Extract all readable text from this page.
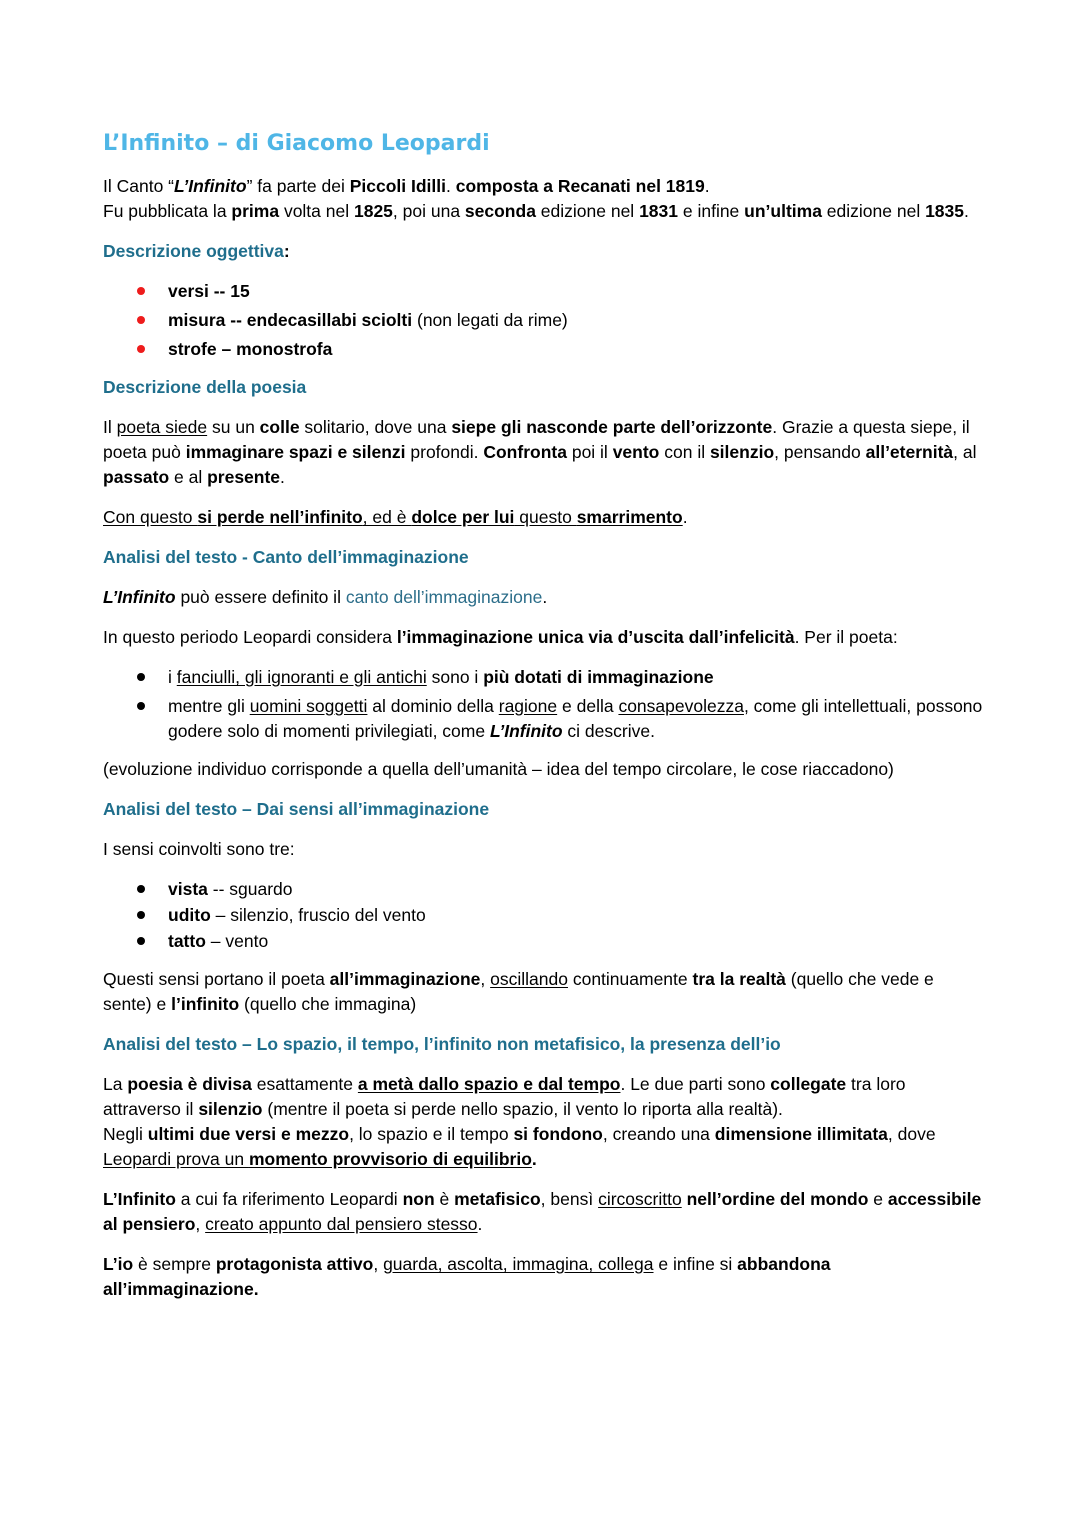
L’Infinito – di Giacomo Leopardi
Il Canto “L’Infinito” fa parte dei Piccoli Idilli. composta a Recanati nel 1819.
Fu pubblicata la prima volta nel 1825, poi una seconda edizione nel 1831 e infine un’ultima edizione nel 1835.
Descrizione oggettiva:
versi -- 15
misura -- endecasillabi sciolti (non legati da rime)
strofe – monostrofa
Descrizione della poesia
Il poeta siede su un colle solitario, dove una siepe gli nasconde parte dell’orizzonte. Grazie a questa siepe, il poeta può immaginare spazi e silenzi profondi. Confronta poi il vento con il silenzio, pensando all’eternità, al passato e al presente.
Con questo si perde nell’infinito, ed è dolce per lui questo smarrimento.
Analisi del testo - Canto dell’immaginazione
L’Infinito può essere definito il canto dell’immaginazione.
In questo periodo Leopardi considera l’immaginazione unica via d’uscita dall’infelicità. Per il poeta:
i fanciulli, gli ignoranti e gli antichi sono i più dotati di immaginazione
mentre gli uomini soggetti al dominio della ragione e della consapevolezza, come gli intellettuali, possono godere solo di momenti privilegiati, come L’Infinito ci descrive.
(evoluzione individuo corrisponde a quella dell’umanità – idea del tempo circolare, le cose riaccadono)
Analisi del testo – Dai sensi all’immaginazione
I sensi coinvolti sono tre:
vista -- sguardo
udito – silenzio, fruscio del vento
tatto – vento
Questi sensi portano il poeta all’immaginazione, oscillando continuamente tra la realtà (quello che vede e sente) e l’infinito (quello che immagina)
Analisi del testo – Lo spazio, il tempo, l’infinito non metafisico, la presenza dell’io
La poesia è divisa esattamente a metà dallo spazio e dal tempo. Le due parti sono collegate tra loro attraverso il silenzio (mentre il poeta si perde nello spazio, il vento lo riporta alla realtà).
Negli ultimi due versi e mezzo, lo spazio e il tempo si fondono, creando una dimensione illimitata, dove Leopardi prova un momento provvisorio di equilibrio.
L’Infinito a cui fa riferimento Leopardi non è metafisico, bensì circoscritto nell’ordine del mondo e accessibile al pensiero, creato appunto dal pensiero stesso.
L’io è sempre protagonista attivo, guarda, ascolta, immagina, collega e infine si abbandona all’immaginazione.
